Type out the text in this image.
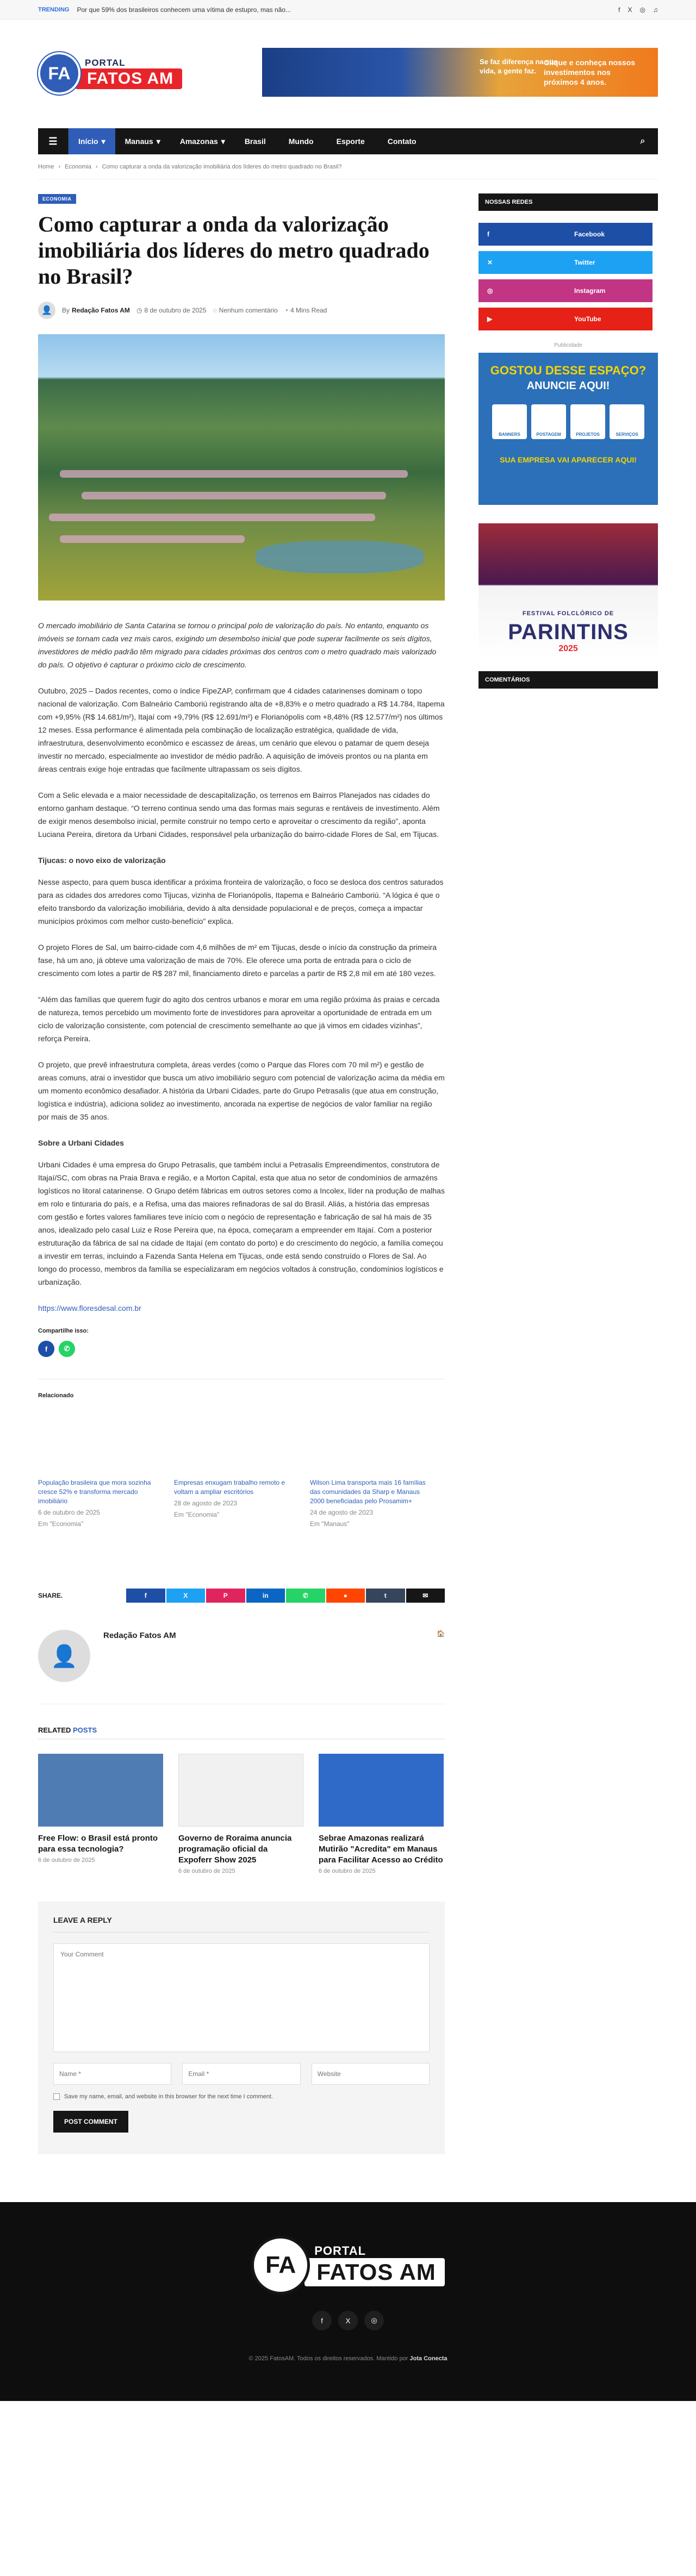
TRENDING Por que 59% dos brasileiros conhecem uma vítima de estupro, mas não...	f X ◎ ♫
FA
PORTAL
FATOS AM
Se faz diferença na sua vida, a gente faz.
Clique e conheça nossos investimentos nos próximos 4 anos.
☰	Início ▾	Manaus ▾	Amazonas ▾	Brasil	Mundo	Esporte	Contato	⌕
Home › Economia › Como capturar a onda da valorização imobiliária dos líderes do metro quadrado no Brasil?
ECONOMIA
Como capturar a onda da valorização imobiliária dos líderes do metro quadrado no Brasil?
👤	By Redação Fatos AM ◷ 8 de outubro de 2025 ◌ Nenhum comentário ◔ 4 Mins Read

O mercado imobiliário de Santa Catarina se tornou o principal polo de valorização do país. No entanto, enquanto os imóveis se tornam cada vez mais caros, exigindo um desembolso inicial que pode superar facilmente os seis dígitos, investidores de médio padrão têm migrado para cidades próximas dos centros com o metro quadrado mais valorizado do país. O objetivo é capturar o próximo ciclo de crescimento.

Outubro, 2025 – Dados recentes, como o índice FipeZAP, confirmam que 4 cidades catarinenses dominam o topo nacional de valorização. Com Balneário Camboriú registrando alta de +8,83% e o metro quadrado a R$ 14.784, Itapema com +9,95% (R$ 14.681/m²), Itajaí com +9,79% (R$ 12.691/m²) e Florianópolis com +8,48% (R$ 12.577/m²) nos últimos 12 meses. Essa performance é alimentada pela combinação de localização estratégica, qualidade de vida, infraestrutura, desenvolvimento econômico e escassez de áreas, um cenário que elevou o patamar de quem deseja investir no mercado, especialmente ao investidor de médio padrão. A aquisição de imóveis prontos ou na planta em áreas centrais exige hoje entradas que facilmente ultrapassam os seis dígitos.

Com a Selic elevada e a maior necessidade de descapitalização, os terrenos em Bairros Planejados nas cidades do entorno ganham destaque. “O terreno continua sendo uma das formas mais seguras e rentáveis de investimento. Além de exigir menos desembolso inicial, permite construir no tempo certo e aproveitar o crescimento da região”, aponta Luciana Pereira, diretora da Urbani Cidades, responsável pela urbanização do bairro-cidade Flores de Sal, em Tijucas.

Tijucas: o novo eixo de valorização

Nesse aspecto, para quem busca identificar a próxima fronteira de valorização, o foco se desloca dos centros saturados para as cidades dos arredores como Tijucas, vizinha de Florianópolis, Itapema e Balneário Camboriú. “A lógica é que o efeito transbordo da valorização imobiliária, devido à alta densidade populacional e de preços, começa a impactar municípios próximos com melhor custo-benefício” explica.

O projeto Flores de Sal, um bairro-cidade com 4,6 milhões de m² em Tijucas, desde o início da construção da primeira fase, há um ano, já obteve uma valorização de mais de 70%. Ele oferece uma porta de entrada para o ciclo de crescimento com lotes a partir de R$ 287 mil, financiamento direto e parcelas a partir de R$ 2,8 mil em até 180 vezes.

“Além das famílias que querem fugir do agito dos centros urbanos e morar em uma região próxima às praias e cercada de natureza, temos percebido um movimento forte de investidores para aproveitar a oportunidade de entrada em um ciclo de valorização consistente, com potencial de crescimento semelhante ao que já vimos em cidades vizinhas”, reforça Pereira.

O projeto, que prevê infraestrutura completa, áreas verdes (como o Parque das Flores com 70 mil m²) e gestão de areas comuns, atrai o investidor que busca um ativo imobiliário seguro com potencial de valorização acima da média em um momento econômico desafiador. A história da Urbani Cidades, parte do Grupo Petrasalis (que atua em construção, logística e indústria), adiciona solidez ao investimento, ancorada na expertise de negócios de valor familiar na região por mais de 35 anos.

Sobre a Urbani Cidades

Urbani Cidades é uma empresa do Grupo Petrasalis, que também inclui a Petrasalis Empreendimentos, construtora de Itajaí/SC, com obras na Praia Brava e região, e a Morton Capital, esta que atua no setor de condomínios de armazéns logísticos no litoral catarinense. O Grupo detém fábricas em outros setores como a Incolex, líder na produção de malhas em rolo e tinturaria do país, e a Refisa, uma das maiores refinadoras de sal do Brasil. Aliás, a história das empresas com gestão e fortes valores familiares teve início com o negócio de representação e fabricação de sal há mais de 35 anos, idealizado pelo casal Luiz e Rose Pereira que, na época, começaram a empreender em Itajaí. Com a posterior estruturação da fábrica de sal na cidade de Itajaí (em contato do porto) e do crescimento do negócio, a família começou a investir em terras, incluindo a Fazenda Santa Helena em Tijucas, onde está sendo construído o Flores de Sal. Ao longo do processo, membros da família se especializaram em negócios voltados à construção, condomínios logísticos e urbanização.

https://www.floresdesal.com.br

Compartilhe isso:
f	✆
Relacionado
População brasileira que mora sozinha cresce 52% e transforma mercado imobiliário
6 de outubro de 2025
Em "Economia"
Empresas enxugam trabalho remoto e voltam a ampliar escritórios
28 de agosto de 2023
Em "Economia"
Wilson Lima transporta mais 16 famílias das comunidades da Sharp e Manaus 2000 beneficiadas pelo Prosamim+
24 de agosto de 2023
Em "Manaus"
SHARE.	f	X	P	in	✆	●	t	✉
👤
Redação Fatos AM	🏠
RELATED POSTS
Free Flow: o Brasil está pronto para essa tecnologia?
6 de outubro de 2025
Governo de Roraima anuncia programação oficial da Expoferr Show 2025
6 de outubro de 2025
Sebrae Amazonas realizará Mutirão "Acredita" em Manaus para Facilitar Acesso ao Crédito
6 de outubro de 2025
LEAVE A REPLY
Your Comment
Name *
Email *
Website
Save my name, email, and website in this browser for the next time I comment.
POST COMMENT
NOSSAS REDES
f	Facebook
✕	Twitter
◎	Instagram
▶	YouTube
Publicidade
GOSTOU DESSE ESPAÇO?
ANUNCIE AQUI!
BANNERS	POSTAGEM	PROJETOS	SERVIÇOS
SUA EMPRESA VAI APARECER AQUI!
FESTIVAL FOLCLÓRICO DE
PARINTINS
2025
COMENTÁRIOS
FA
PORTAL
FATOS AM
f	X	◎
© 2025 FatosAM. Todos os direitos reservados. Mantido por Jota Conecta
